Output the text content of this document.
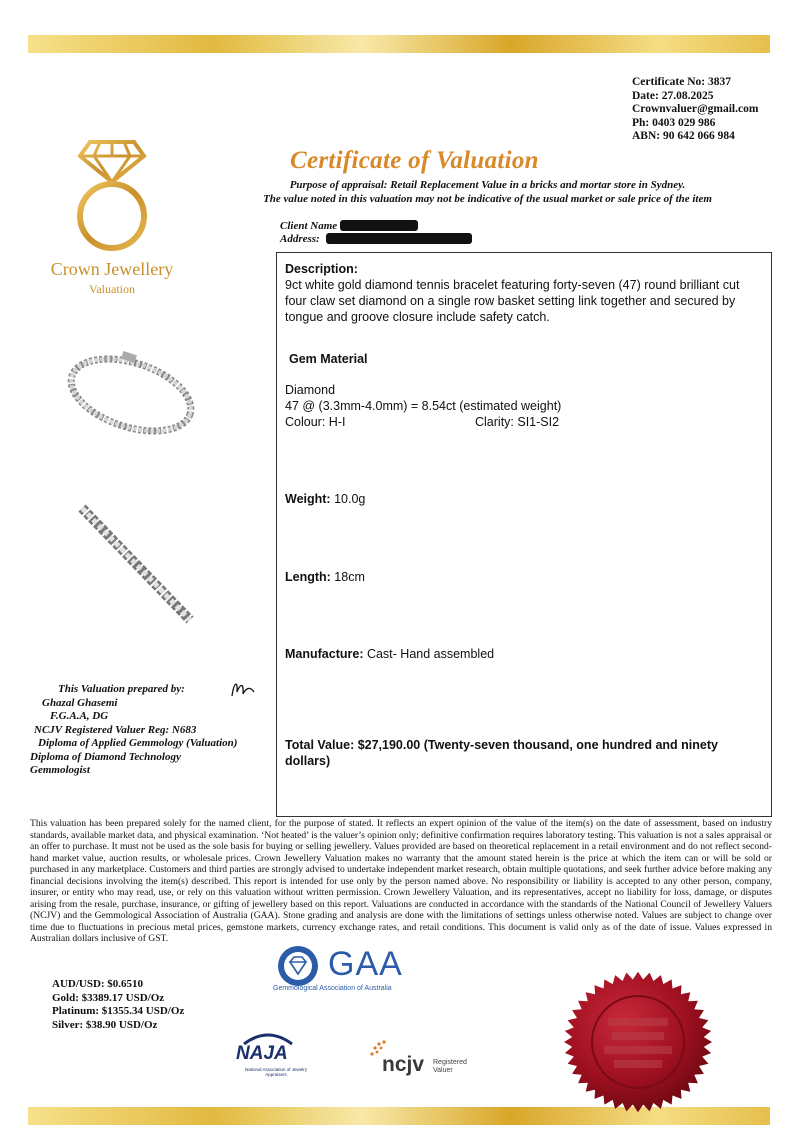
Certificate No: 3837
Date: 27.08.2025
Crownvaluer@gmail.com
Ph: 0403 029 986
ABN: 90 642 066 984
Certificate of Valuation
Purpose of appraisal: Retail Replacement Value in a bricks and mortar store in Sydney.
The value noted in this valuation may not be indicative of the usual market or sale price of the item
Crown Jewellery
Valuation
Client Name
Address:
Description:
9ct white gold diamond tennis bracelet featuring forty-seven (47) round brilliant cut four claw set diamond on a single row basket setting link together and secured by tongue and groove closure include safety catch.
Gem Material
Diamond
47 @ (3.3mm-4.0mm) = 8.54ct (estimated weight)
Colour: H-I	Clarity: SI1-SI2
Weight: 10.0g
Length: 18cm
Manufacture: Cast- Hand assembled
Total Value: $27,190.00 (Twenty-seven thousand, one hundred and ninety dollars)
This Valuation prepared by:
Ghazal Ghasemi
F.G.A.A, DG
NCJV Registered Valuer Reg: N683
Diploma of Applied Gemmology (Valuation)
Diploma of Diamond Technology
Gemmologist
This valuation has been prepared solely for the named client, for the purpose of stated. It reflects an expert opinion of the value of the item(s) on the date of assessment, based on industry standards, available market data, and physical examination. ‘Not heated’ is the valuer’s opinion only; definitive confirmation requires laboratory testing. This valuation is not a sales appraisal or an offer to purchase. It must not be used as the sole basis for buying or selling jewellery. Values provided are based on theoretical replacement in a retail environment and do not reflect second-hand market value, auction results, or wholesale prices. Crown Jewellery Valuation makes no warranty that the amount stated herein is the price at which the item can or will be sold or purchased in any marketplace. Customers and third parties are strongly advised to undertake independent market research, obtain multiple quotations, and seek further advice before making any financial decisions involving the item(s) described. This report is intended for use only by the person named above. No responsibility or liability is accepted to any other person, company, insurer, or entity who may read, use, or rely on this valuation without written permission. Crown Jewellery Valuation, and its representatives, accept no liability for loss, damage, or disputes arising from the resale, purchase, insurance, or gifting of jewellery based on this report. Valuations are conducted in accordance with the standards of the National Council of Jewellery Valuers (NCJV) and the Gemmological Association of Australia (GAA). Stone grading and analysis are done with the limitations of settings unless otherwise noted. Values are subject to change over time due to fluctuations in precious metal prices, gemstone markets, currency exchange rates, and retail conditions. This document is valid only as of the date of issue. Values expressed in Australian dollars inclusive of GST.
AUD/USD: $0.6510
Gold: $3389.17 USD/Oz
Platinum: $1355.34 USD/Oz
Silver: $38.90 USD/Oz
GAA
Gemmological Association of Australia
NAJA
National Association of Jewelry Appraisers	ncjv Registered
Valuer
